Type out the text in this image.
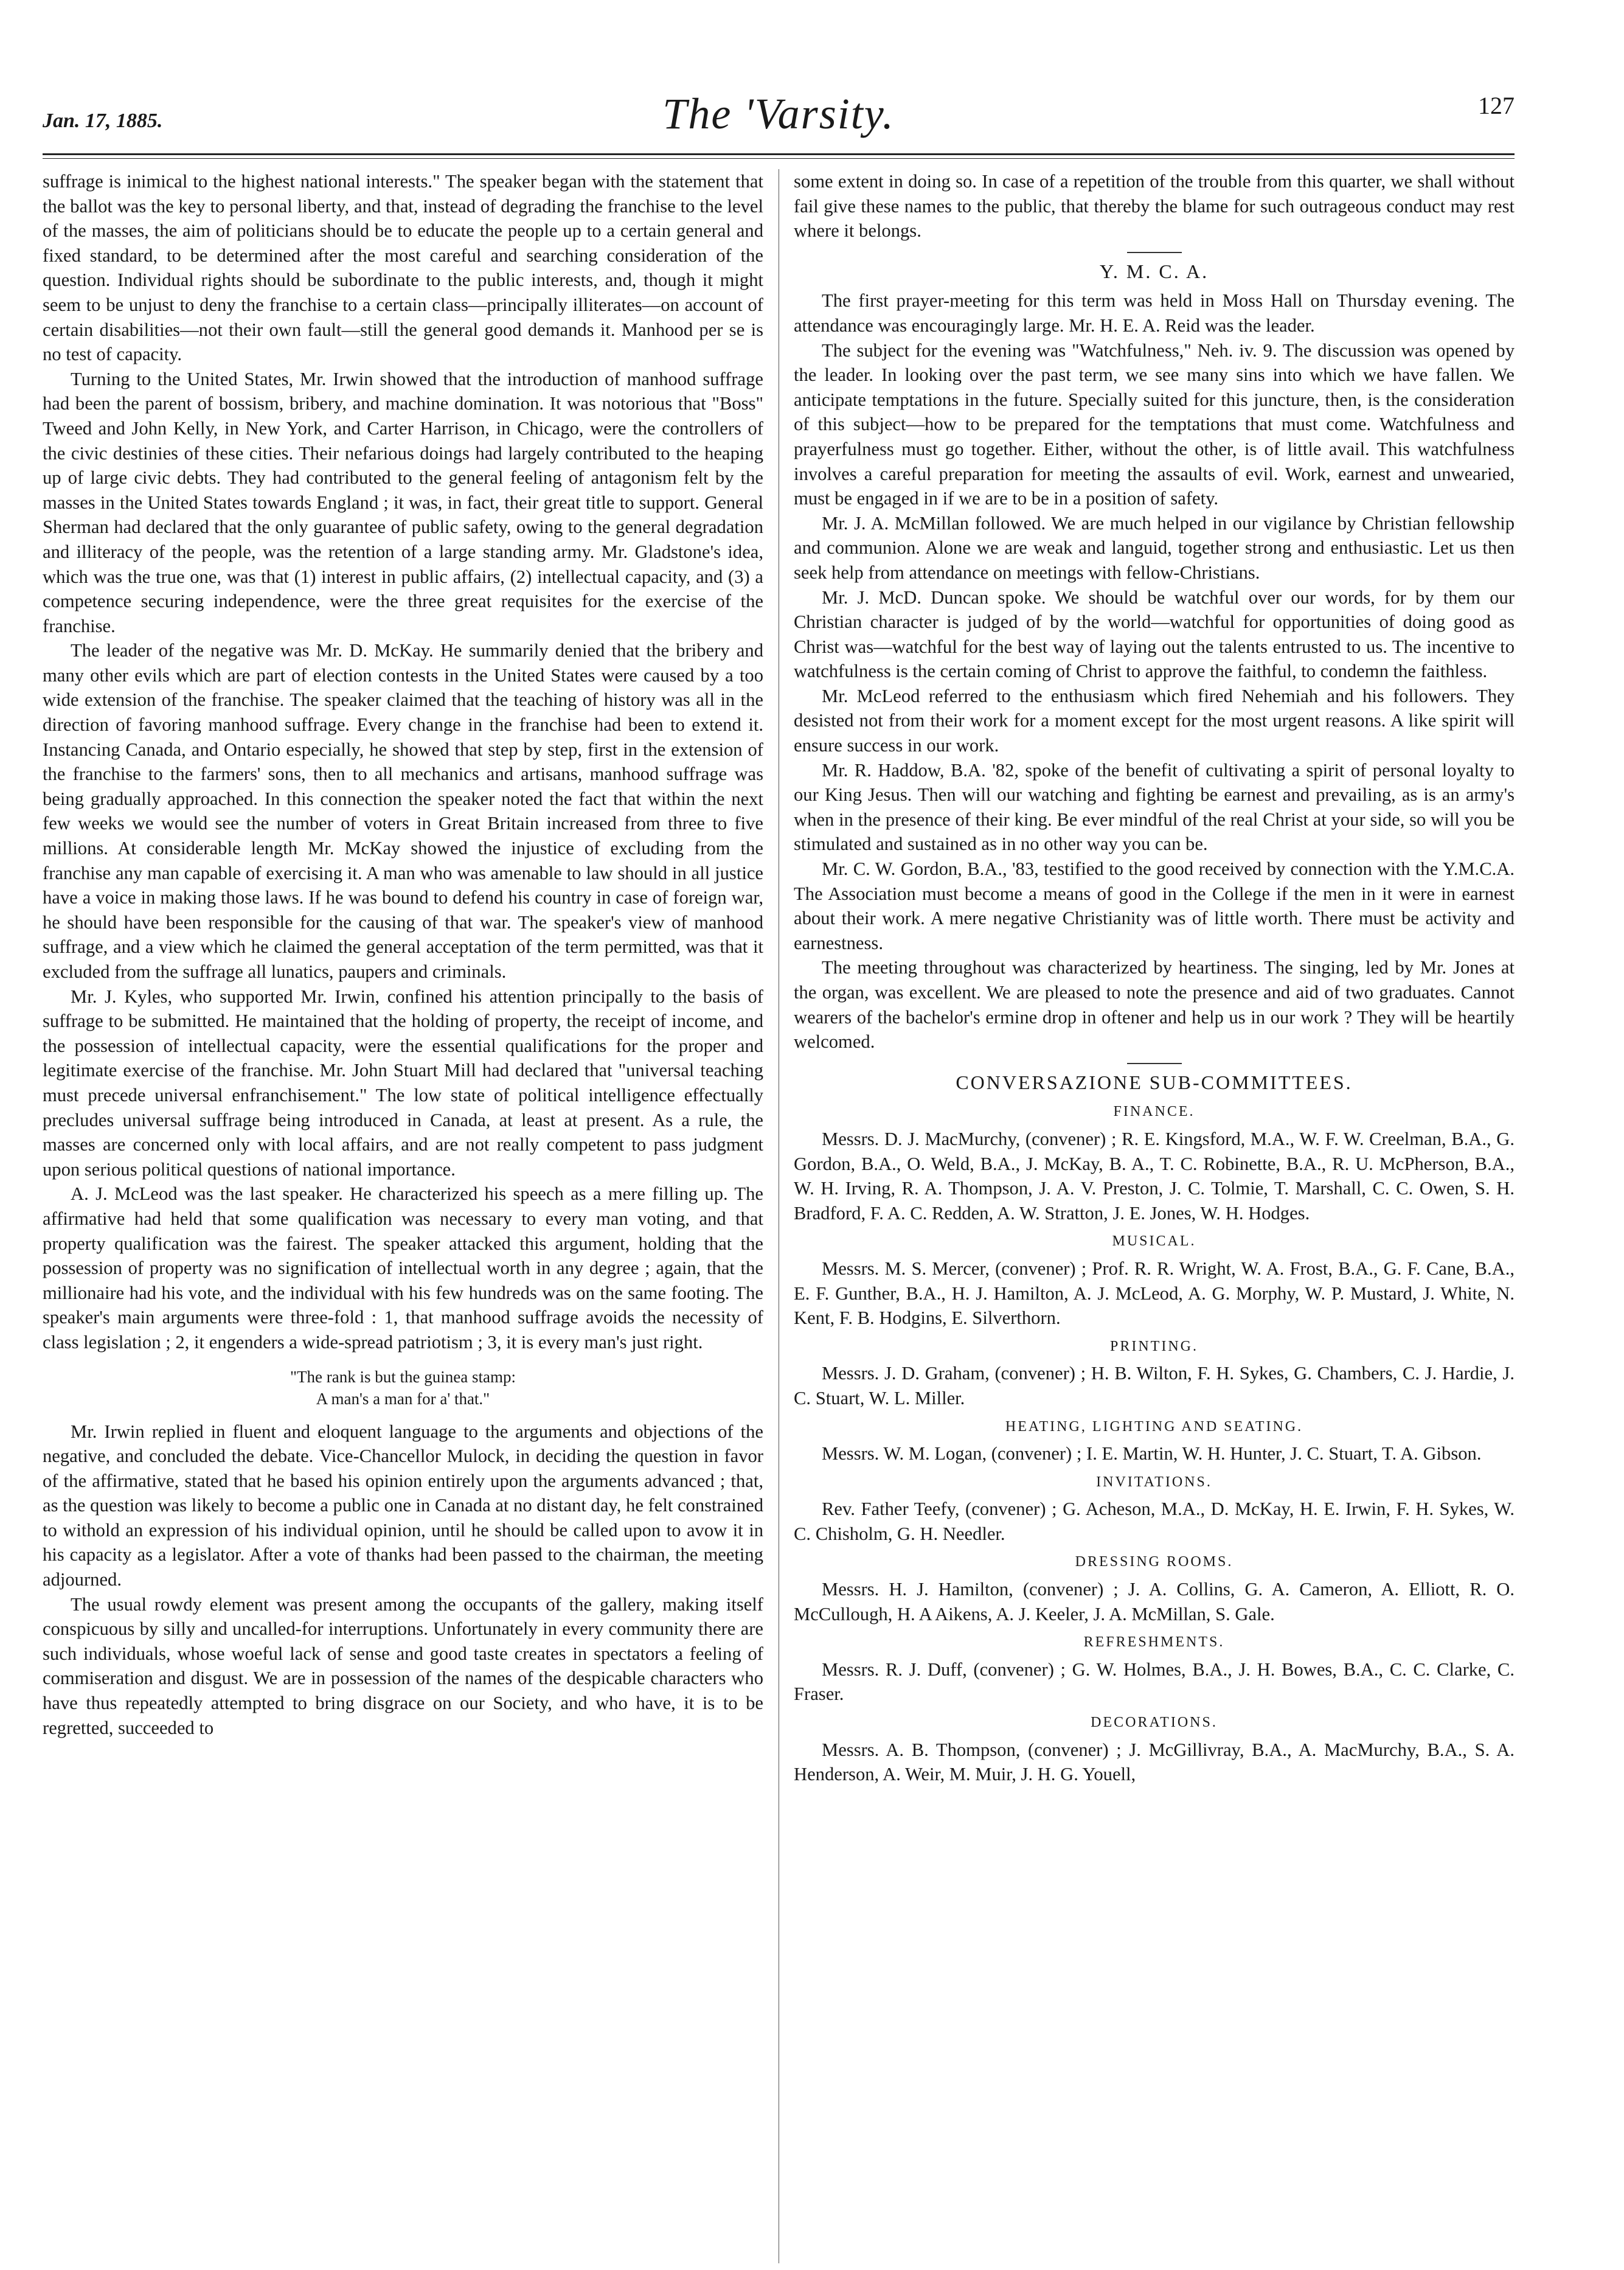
Jan. 17, 1885.	The 'Varsity.	127

suffrage is inimical to the highest national interests." The speaker began with the statement that the ballot was the key to personal liberty, and that, instead of degrading the franchise to the level of the masses, the aim of politicians should be to educate the people up to a certain general and fixed standard, to be determined after the most careful and searching consideration of the question. Individual rights should be subordinate to the public interests, and, though it might seem to be unjust to deny the franchise to a certain class—principally illiterates—on account of certain disabilities—not their own fault—still the general good demands it. Manhood per se is no test of capacity.

Turning to the United States, Mr. Irwin showed that the introduction of manhood suffrage had been the parent of bossism, bribery, and machine domination. It was notorious that "Boss" Tweed and John Kelly, in New York, and Carter Harrison, in Chicago, were the controllers of the civic destinies of these cities. Their nefarious doings had largely contributed to the heaping up of large civic debts. They had contributed to the general feeling of antagonism felt by the masses in the United States towards England ; it was, in fact, their great title to support. General Sherman had declared that the only guarantee of public safety, owing to the general degradation and illiteracy of the people, was the retention of a large standing army. Mr. Gladstone's idea, which was the true one, was that (1) interest in public affairs, (2) intellectual capacity, and (3) a competence securing independence, were the three great requisites for the exercise of the franchise.

The leader of the negative was Mr. D. McKay. He summarily denied that the bribery and many other evils which are part of election contests in the United States were caused by a too wide extension of the franchise. The speaker claimed that the teaching of history was all in the direction of favoring manhood suffrage. Every change in the franchise had been to extend it. Instancing Canada, and Ontario especially, he showed that step by step, first in the extension of the franchise to the farmers' sons, then to all mechanics and artisans, manhood suffrage was being gradually approached. In this connection the speaker noted the fact that within the next few weeks we would see the number of voters in Great Britain increased from three to five millions. At considerable length Mr. McKay showed the injustice of excluding from the franchise any man capable of exercising it. A man who was amenable to law should in all justice have a voice in making those laws. If he was bound to defend his country in case of foreign war, he should have been responsible for the causing of that war. The speaker's view of manhood suffrage, and a view which he claimed the general acceptation of the term permitted, was that it excluded from the suffrage all lunatics, paupers and criminals.

Mr. J. Kyles, who supported Mr. Irwin, confined his attention principally to the basis of suffrage to be submitted. He maintained that the holding of property, the receipt of income, and the possession of intellectual capacity, were the essential qualifications for the proper and legitimate exercise of the franchise. Mr. John Stuart Mill had declared that "universal teaching must precede universal enfranchisement." The low state of political intelligence effectually precludes universal suffrage being introduced in Canada, at least at present. As a rule, the masses are concerned only with local affairs, and are not really competent to pass judgment upon serious political questions of national importance.

A. J. McLeod was the last speaker. He characterized his speech as a mere filling up. The affirmative had held that some qualification was necessary to every man voting, and that property qualification was the fairest. The speaker attacked this argument, holding that the possession of property was no signification of intellectual worth in any degree ; again, that the millionaire had his vote, and the individual with his few hundreds was on the same footing. The speaker's main arguments were three-fold : 1, that manhood suffrage avoids the necessity of class legislation ; 2, it engenders a wide-spread patriotism ; 3, it is every man's just right.

"The rank is but the guinea stamp:
A man's a man for a' that."

Mr. Irwin replied in fluent and eloquent language to the arguments and objections of the negative, and concluded the debate. Vice-Chancellor Mulock, in deciding the question in favor of the affirmative, stated that he based his opinion entirely upon the arguments advanced ; that, as the question was likely to become a public one in Canada at no distant day, he felt constrained to withold an expression of his individual opinion, until he should be called upon to avow it in his capacity as a legislator. After a vote of thanks had been passed to the chairman, the meeting adjourned.

The usual rowdy element was present among the occupants of the gallery, making itself conspicuous by silly and uncalled-for interruptions. Unfortunately in every community there are such individuals, whose woeful lack of sense and good taste creates in spectators a feeling of commiseration and disgust. We are in possession of the names of the despicable characters who have thus repeatedly attempted to bring disgrace on our Society, and who have, it is to be regretted, succeeded to

some extent in doing so. In case of a repetition of the trouble from this quarter, we shall without fail give these names to the public, that thereby the blame for such outrageous conduct may rest where it belongs.

Y. M. C. A.

The first prayer-meeting for this term was held in Moss Hall on Thursday evening. The attendance was encouragingly large. Mr. H. E. A. Reid was the leader.

The subject for the evening was "Watchfulness," Neh. iv. 9. The discussion was opened by the leader. In looking over the past term, we see many sins into which we have fallen. We anticipate temptations in the future. Specially suited for this juncture, then, is the consideration of this subject—how to be prepared for the temptations that must come. Watchfulness and prayerfulness must go together. Either, without the other, is of little avail. This watchfulness involves a careful preparation for meeting the assaults of evil. Work, earnest and unwearied, must be engaged in if we are to be in a position of safety.

Mr. J. A. McMillan followed. We are much helped in our vigilance by Christian fellowship and communion. Alone we are weak and languid, together strong and enthusiastic. Let us then seek help from attendance on meetings with fellow-Christians.

Mr. J. McD. Duncan spoke. We should be watchful over our words, for by them our Christian character is judged of by the world—watchful for opportunities of doing good as Christ was—watchful for the best way of laying out the talents entrusted to us. The incentive to watchfulness is the certain coming of Christ to approve the faithful, to condemn the faithless.

Mr. McLeod referred to the enthusiasm which fired Nehemiah and his followers. They desisted not from their work for a moment except for the most urgent reasons. A like spirit will ensure success in our work.

Mr. R. Haddow, B.A. '82, spoke of the benefit of cultivating a spirit of personal loyalty to our King Jesus. Then will our watching and fighting be earnest and prevailing, as is an army's when in the presence of their king. Be ever mindful of the real Christ at your side, so will you be stimulated and sustained as in no other way you can be.

Mr. C. W. Gordon, B.A., '83, testified to the good received by connection with the Y.M.C.A. The Association must become a means of good in the College if the men in it were in earnest about their work. A mere negative Christianity was of little worth. There must be activity and earnestness.

The meeting throughout was characterized by heartiness. The singing, led by Mr. Jones at the organ, was excellent. We are pleased to note the presence and aid of two graduates. Cannot wearers of the bachelor's ermine drop in oftener and help us in our work ? They will be heartily welcomed.

CONVERSAZIONE SUB-COMMITTEES.
FINANCE.

Messrs. D. J. MacMurchy, (convener) ; R. E. Kingsford, M.A., W. F. W. Creelman, B.A., G. Gordon, B.A., O. Weld, B.A., J. McKay, B. A., T. C. Robinette, B.A., R. U. McPherson, B.A., W. H. Irving, R. A. Thompson, J. A. V. Preston, J. C. Tolmie, T. Marshall, C. C. Owen, S. H. Bradford, F. A. C. Redden, A. W. Stratton, J. E. Jones, W. H. Hodges.

MUSICAL.

Messrs. M. S. Mercer, (convener) ; Prof. R. R. Wright, W. A. Frost, B.A., G. F. Cane, B.A., E. F. Gunther, B.A., H. J. Hamilton, A. J. McLeod, A. G. Morphy, W. P. Mustard, J. White, N. Kent, F. B. Hodgins, E. Silverthorn.

PRINTING.

Messrs. J. D. Graham, (convener) ; H. B. Wilton, F. H. Sykes, G. Chambers, C. J. Hardie, J. C. Stuart, W. L. Miller.

HEATING, LIGHTING AND SEATING.

Messrs. W. M. Logan, (convener) ; I. E. Martin, W. H. Hunter, J. C. Stuart, T. A. Gibson.

INVITATIONS.

Rev. Father Teefy, (convener) ; G. Acheson, M.A., D. McKay, H. E. Irwin, F. H. Sykes, W. C. Chisholm, G. H. Needler.

DRESSING ROOMS.

Messrs. H. J. Hamilton, (convener) ; J. A. Collins, G. A. Cameron, A. Elliott, R. O. McCullough, H. A Aikens, A. J. Keeler, J. A. McMillan, S. Gale.

REFRESHMENTS.

Messrs. R. J. Duff, (convener) ; G. W. Holmes, B.A., J. H. Bowes, B.A., C. C. Clarke, C. Fraser.

DECORATIONS.

Messrs. A. B. Thompson, (convener) ; J. McGillivray, B.A., A. MacMurchy, B.A., S. A. Henderson, A. Weir, M. Muir, J. H. G. Youell,
